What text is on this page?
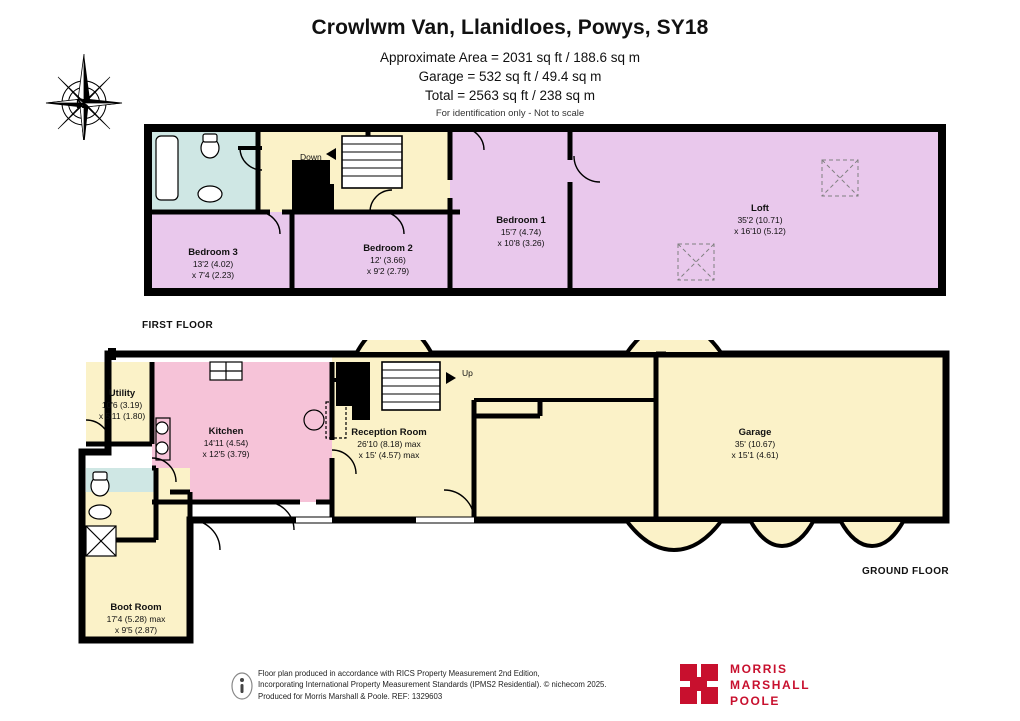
Crowlwm Van, Llanidloes, Powys, SY18
Approximate Area = 2031 sq ft / 188.6 sq m
Garage = 532 sq ft / 49.4 sq m
Total = 2563 sq ft / 238 sq m
For identification only - Not to scale
N
Down
Bedroom 3
13'2 (4.02)
x 7'4 (2.23)
Bedroom 2
12' (3.66)
x 9'2 (2.79)
Bedroom 1
15'7 (4.74)
x 10'8 (3.26)
Loft
35'2 (10.71)
x 16'10 (5.12)
FIRST FLOOR
Up
Utility
10'6 (3.19)
x 5'11 (1.80)
Kitchen
14'11 (4.54)
x 12'5 (3.79)
Reception Room
26'10 (8.18) max
x 15' (4.57) max
Garage
35' (10.67)
x 15'1 (4.61)
Boot Room
17'4 (5.28) max
x 9'5 (2.87)
GROUND FLOOR
Floor plan produced in accordance with RICS Property Measurement 2nd Edition,
Incorporating International Property Measurement Standards (IPMS2 Residential). © nichecom 2025.
Produced for Morris Marshall & Poole. REF: 1329603
MORRIS
MARSHALL
POOLE
